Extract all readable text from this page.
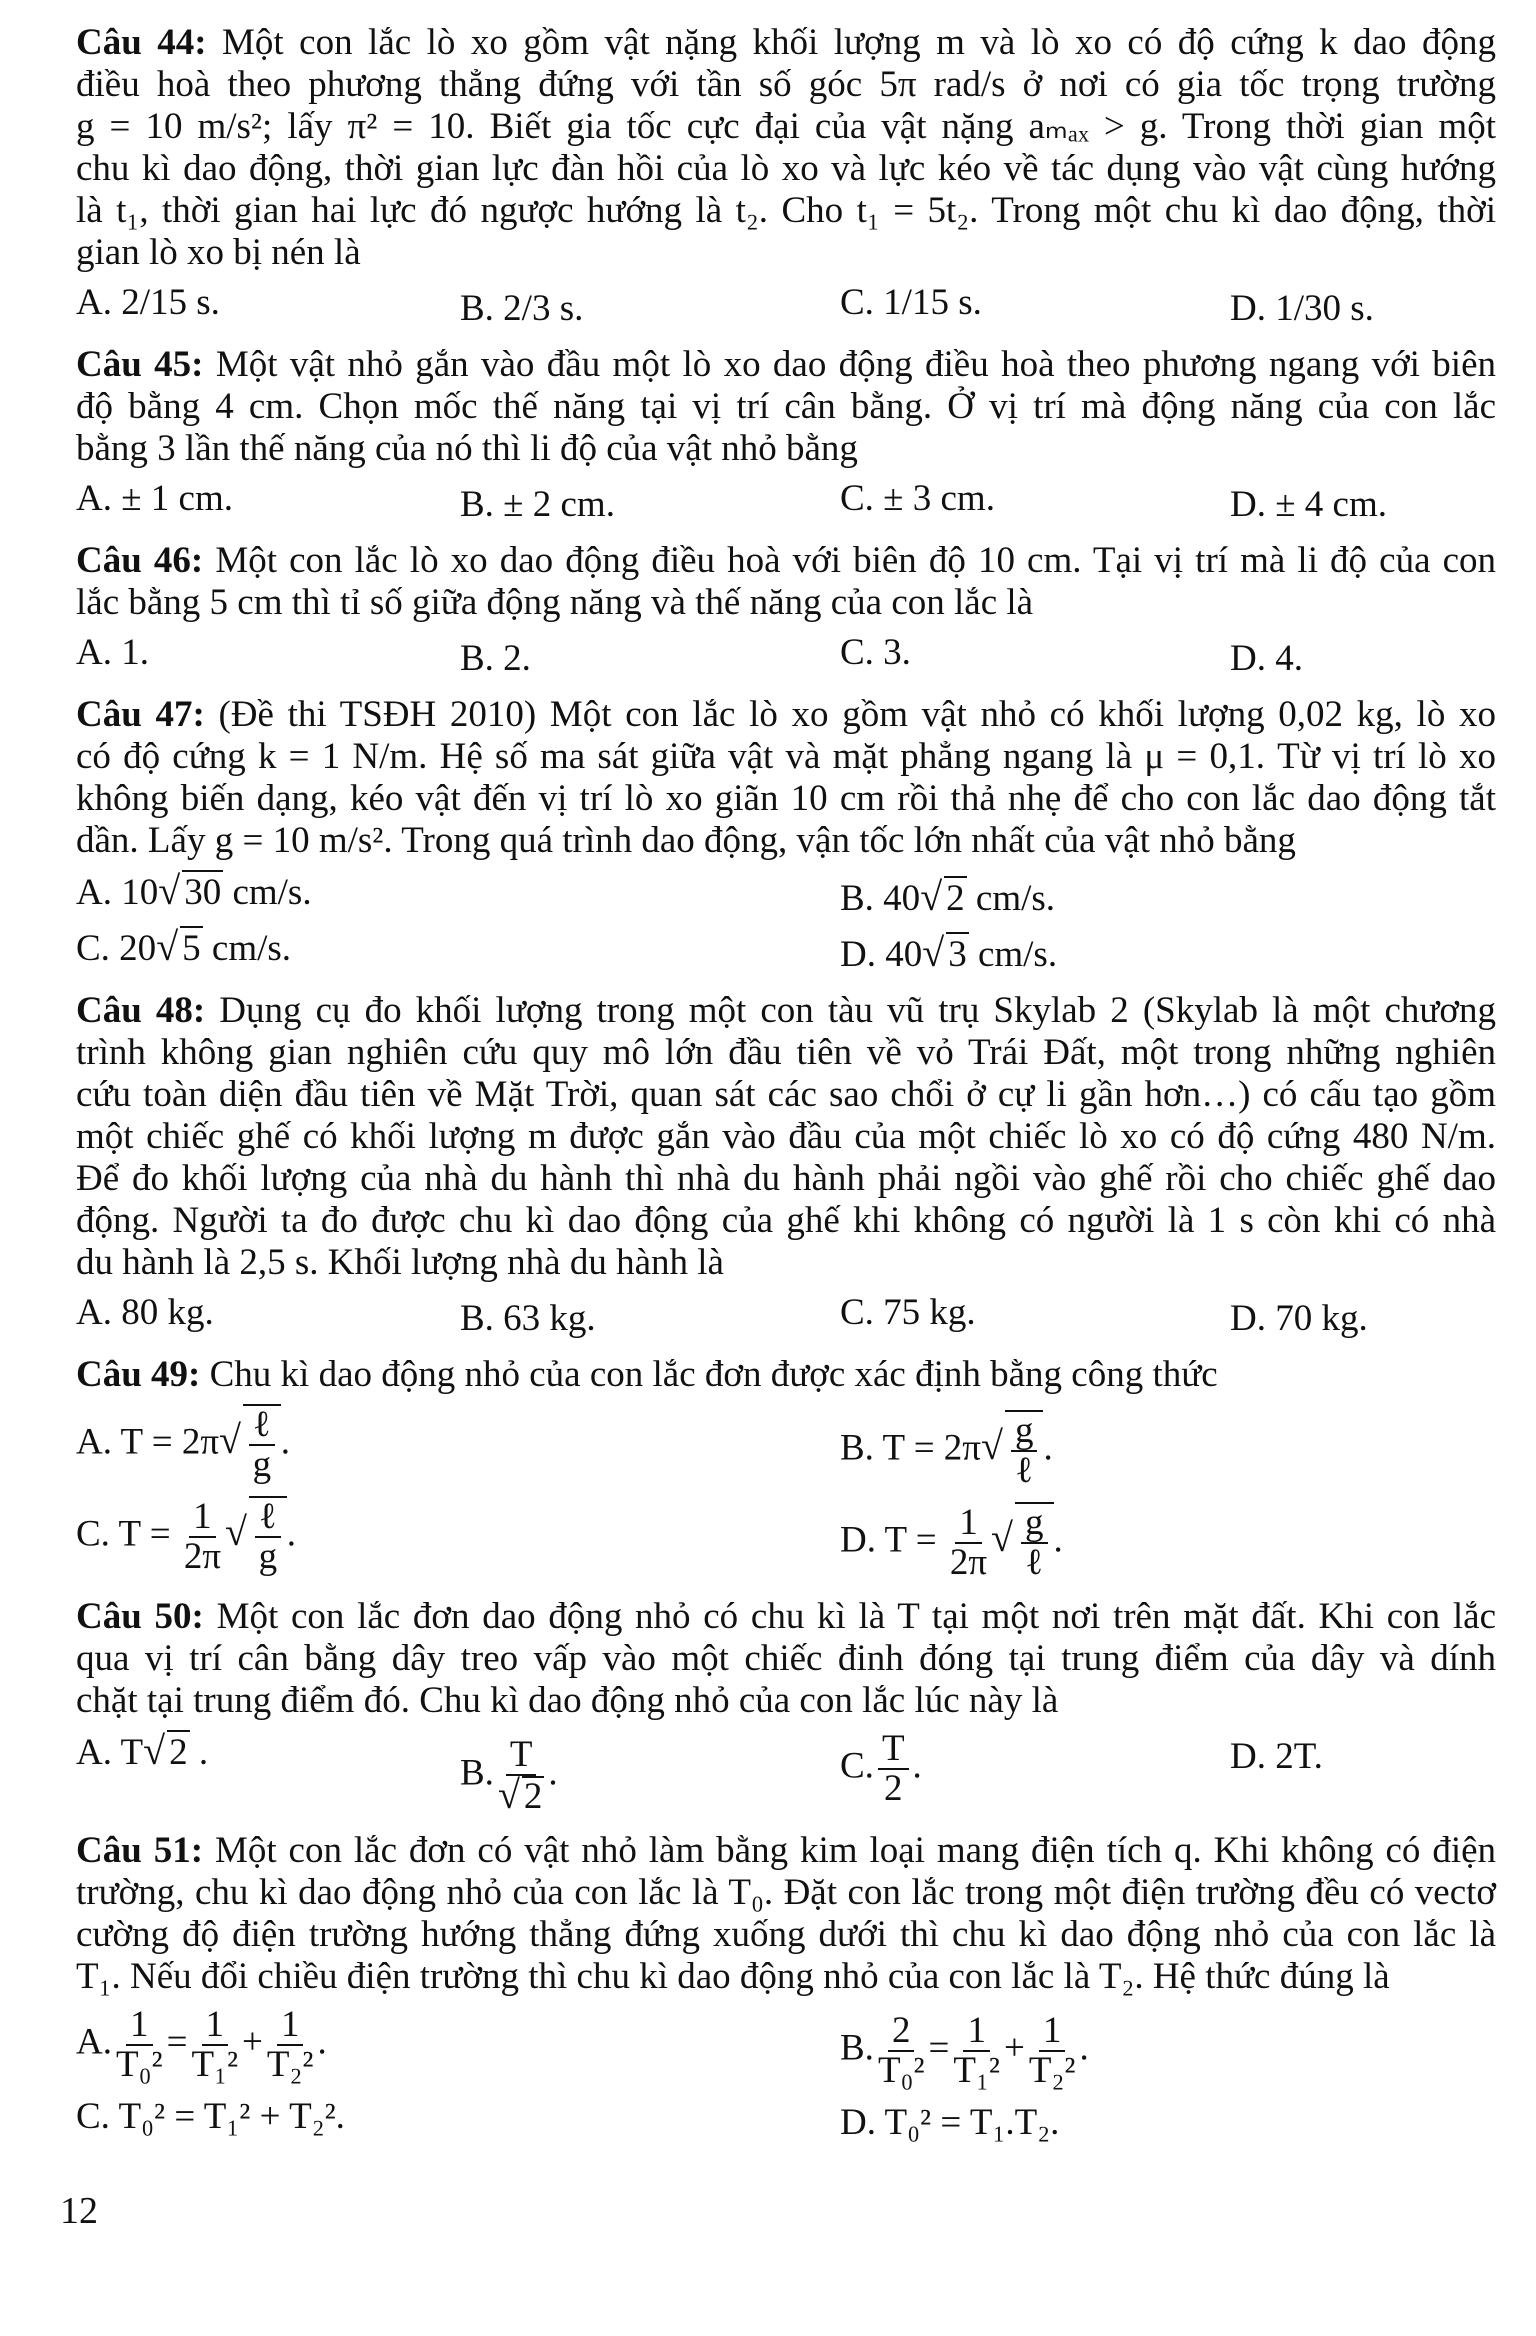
Câu 44: Một con lắc lò xo gồm vật nặng khối lượng m và lò xo có độ cứng k dao động
điều hoà theo phương thẳng đứng với tần số góc 5π rad/s ở nơi có gia tốc trọng trường
g = 10 m/s²; lấy π² = 10. Biết gia tốc cực đại của vật nặng aₘₐₓ > g. Trong thời gian một
chu kì dao động, thời gian lực đàn hồi của lò xo và lực kéo về tác dụng vào vật cùng hướng
là t₁, thời gian hai lực đó ngược hướng là t₂. Cho t₁ = 5t₂. Trong một chu kì dao động, thời
gian lò xo bị nén là
A. 2/15 s.	B. 2/3 s.	C. 1/15 s.	D. 1/30 s.
Câu 45: Một vật nhỏ gắn vào đầu một lò xo dao động điều hoà theo phương ngang với biên
độ bằng 4 cm. Chọn mốc thế năng tại vị trí cân bằng. Ở vị trí mà động năng của con lắc
bằng 3 lần thế năng của nó thì li độ của vật nhỏ bằng
A. ± 1 cm.	B. ± 2 cm.	C. ± 3 cm.	D. ± 4 cm.
Câu 46: Một con lắc lò xo dao động điều hoà với biên độ 10 cm. Tại vị trí mà li độ của con
lắc bằng 5 cm thì tỉ số giữa động năng và thế năng của con lắc là
A. 1.	B. 2.	C. 3.	D. 4.
Câu 47: (Đề thi TSĐH 2010) Một con lắc lò xo gồm vật nhỏ có khối lượng 0,02 kg, lò xo
có độ cứng k = 1 N/m. Hệ số ma sát giữa vật và mặt phẳng ngang là μ = 0,1. Từ vị trí lò xo
không biến dạng, kéo vật đến vị trí lò xo giãn 10 cm rồi thả nhẹ để cho con lắc dao động tắt
dần. Lấy g = 10 m/s². Trong quá trình dao động, vận tốc lớn nhất của vật nhỏ bằng
A. 10√ 30 cm/s.	B. 40√ 2 cm/s.
C. 20√ 5 cm/s.	D. 40√ 3 cm/s.
Câu 48: Dụng cụ đo khối lượng trong một con tàu vũ trụ Skylab 2 (Skylab là một chương
trình không gian nghiên cứu quy mô lớn đầu tiên về vỏ Trái Đất, một trong những nghiên
cứu toàn diện đầu tiên về Mặt Trời, quan sát các sao chổi ở cự li gần hơn…) có cấu tạo gồm
một chiếc ghế có khối lượng m được gắn vào đầu của một chiếc lò xo có độ cứng 480 N/m.
Để đo khối lượng của nhà du hành thì nhà du hành phải ngồi vào ghế rồi cho chiếc ghế dao
động. Người ta đo được chu kì dao động của ghế khi không có người là 1 s còn khi có nhà
du hành là 2,5 s. Khối lượng nhà du hành là
A. 80 kg.	B. 63 kg.	C. 75 kg.	D. 70 kg.
Câu 49: Chu kì dao động nhỏ của con lắc đơn được xác định bằng công thức
A. $T = 2\pi√ \frac{\text{ℓ}}{g}$ .	B. $T = 2\pi√ \frac{g}{\text{ℓ}}$ .
C. $T = \frac{1}{2\pi}$ √ $\frac{\text{ℓ}}{g}$ .	D. $T = \frac{1}{2\pi}$ √ $\frac{g}{\text{ℓ}}$ .
Câu 50: Một con lắc đơn dao động nhỏ có chu kì là T tại một nơi trên mặt đất. Khi con lắc
qua vị trí cân bằng dây treo vấp vào một chiếc đinh đóng tại trung điểm của dây và dính
chặt tại trung điểm đó. Chu kì dao động nhỏ của con lắc lúc này là
A. T√ 2 .	B. $\frac{T}{√ 2}$ .	C. $\frac{T}{2}$ .	D. 2T.
Câu 51: Một con lắc đơn có vật nhỏ làm bằng kim loại mang điện tích q. Khi không có điện
trường, chu kì dao động nhỏ của con lắc là T₀. Đặt con lắc trong một điện trường đều có vectơ
cường độ điện trường hướng thẳng đứng xuống dưới thì chu kì dao động nhỏ của con lắc là
T₁. Nếu đổi chiều điện trường thì chu kì dao động nhỏ của con lắc là T₂. Hệ thức đúng là
A. $\frac{1}{\text{T₀²}} = \frac{1}{\text{T₁²}} + \frac{1}{\text{T₂²}}$ .	B. $\frac{2}{\text{T₀²}} = \frac{1}{\text{T₁²}} + \frac{1}{\text{T₂²}}$ .
C. T₀² = T₁² + T₂².	D. T₀² = T₁.T₂.
12
